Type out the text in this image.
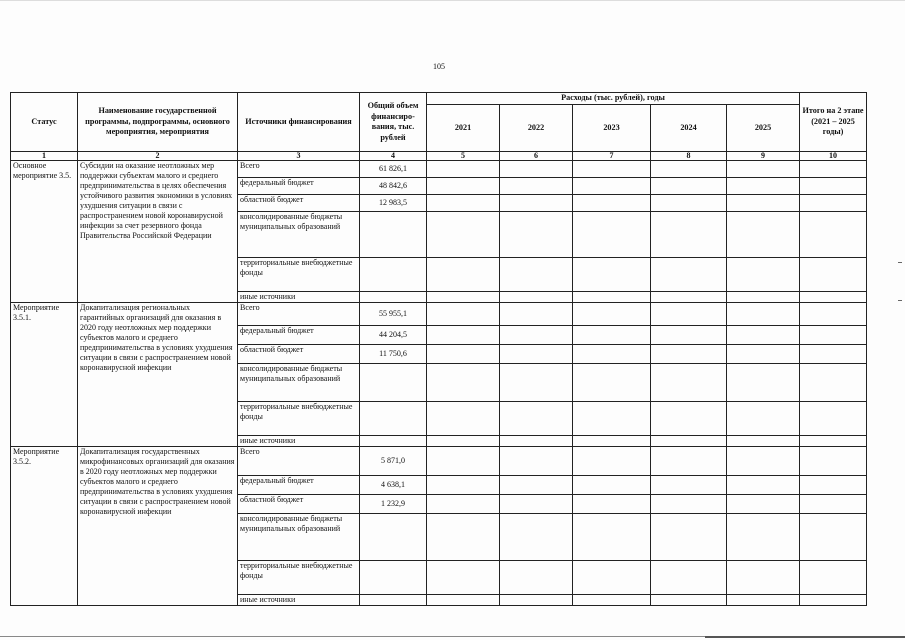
105
Статус	Наименование государственной программы, подпрограммы, основного мероприятия, мероприятия	Источники финансирования	Общий объем финансиро-вания, тыс. рублей	Расходы (тыс. рублей), годы					Итого на 2 этапе (2021 – 2025 годы)
				2021	2022	2023	2024	2025	
1	2	3	4	5	6	7	8	9	10
Основное мероприятие 3.5.	Субсидии на оказание неотложных мер поддержки субъектам малого и среднего предпринимательства в целях обеспечения устойчивого развития экономики в условиях ухудшения ситуации в связи с распространением новой коронавирусной инфекции за счет резервного фонда Правительства Российской Федерации	Всего	61 826,1						
		федеральный бюджет	48 842,6						
		областной бюджет	12 983,5						
		консолидированные бюджеты муниципальных образований							
		территориальные внебюджетные фонды							
		иные источники							
Мероприятие 3.5.1.	Докапитализация региональных гарантийных организаций для оказания в 2020 году неотложных мер поддержки субъектов малого и среднего предпринимательства в условиях ухудшения ситуации в связи с распространением новой коронавирусной инфекции	Всего	55 955,1						
		федеральный бюджет	44 204,5						
		областной бюджет	11 750,6						
		консолидированные бюджеты муниципальных образований							
		территориальные внебюджетные фонды							
		иные источники							
Мероприятие 3.5.2.	Докапитализация государственных микрофинансовых организаций для оказания в 2020 году неотложных мер поддержки субъектов малого и среднего предпринимательства в условиях ухудшения ситуации в связи с распространением новой коронавирусной инфекции	Всего	5 871,0						
		федеральный бюджет	4 638,1						
		областной бюджет	1 232,9						
		консолидированные бюджеты муниципальных образований							
		территориальные внебюджетные фонды							
		иные источники							
